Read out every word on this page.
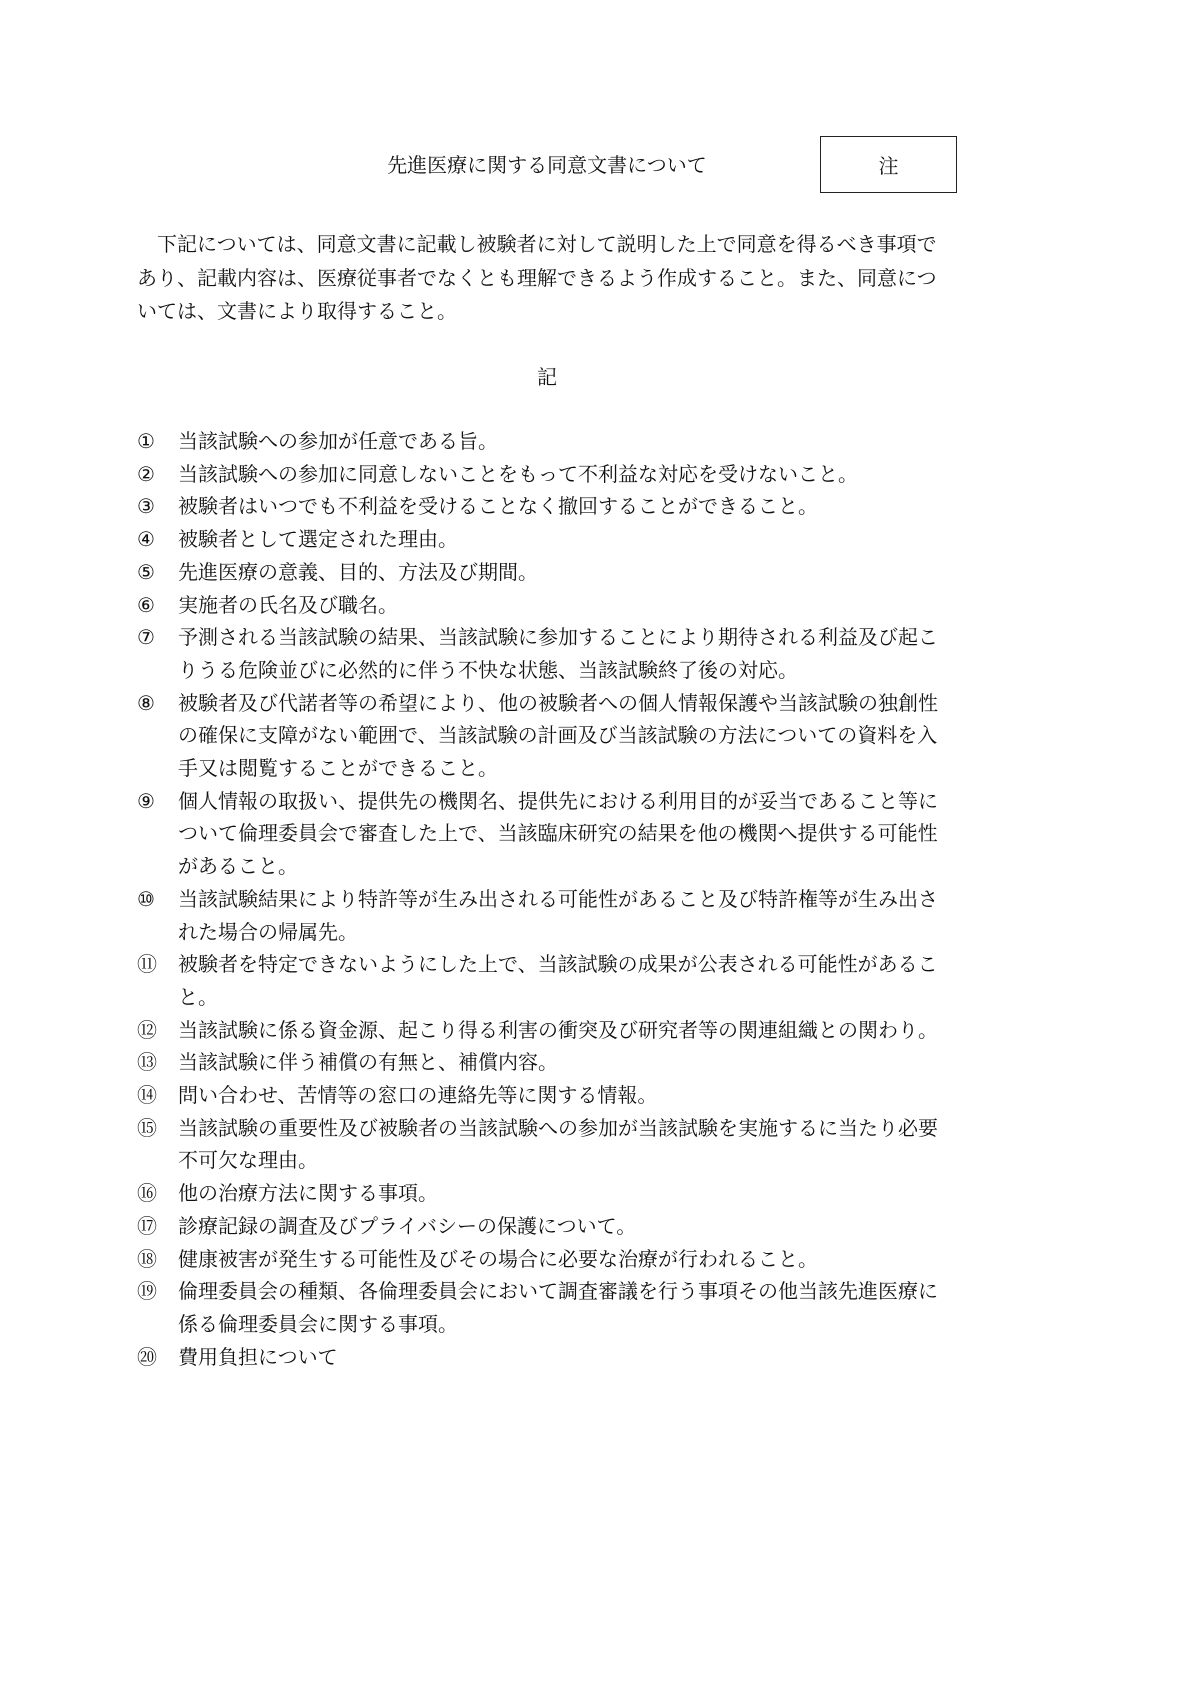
先進医療に関する同意文書について	注
下記については、同意文書に記載し被験者に対して説明した上で同意を得るべき事項で
あり、記載内容は、医療従事者でなくとも理解できるよう作成すること。また、同意につ
いては、文書により取得すること。
記
①	当該試験への参加が任意である旨。
②	当該試験への参加に同意しないことをもって不利益な対応を受けないこと。
③	被験者はいつでも不利益を受けることなく撤回することができること。
④	被験者として選定された理由。
⑤	先進医療の意義、目的、方法及び期間。
⑥	実施者の氏名及び職名。
⑦	予測される当該試験の結果、当該試験に参加することにより期待される利益及び起こ
りうる危険並びに必然的に伴う不快な状態、当該試験終了後の対応。
⑧	被験者及び代諾者等の希望により、他の被験者への個人情報保護や当該試験の独創性
の確保に支障がない範囲で、当該試験の計画及び当該試験の方法についての資料を入
手又は閲覧することができること。
⑨	個人情報の取扱い、提供先の機関名、提供先における利用目的が妥当であること等に
ついて倫理委員会で審査した上で、当該臨床研究の結果を他の機関へ提供する可能性
があること。
⑩	当該試験結果により特許等が生み出される可能性があること及び特許権等が生み出さ
れた場合の帰属先。
⑪	被験者を特定できないようにした上で、当該試験の成果が公表される可能性があるこ
と。
⑫	当該試験に係る資金源、起こり得る利害の衝突及び研究者等の関連組織との関わり。
⑬	当該試験に伴う補償の有無と、補償内容。
⑭	問い合わせ、苦情等の窓口の連絡先等に関する情報。
⑮	当該試験の重要性及び被験者の当該試験への参加が当該試験を実施するに当たり必要
不可欠な理由。
⑯	他の治療方法に関する事項。
⑰	診療記録の調査及びプライバシーの保護について。
⑱	健康被害が発生する可能性及びその場合に必要な治療が行われること。
⑲	倫理委員会の種類、各倫理委員会において調査審議を行う事項その他当該先進医療に
係る倫理委員会に関する事項。
⑳	費用負担について
